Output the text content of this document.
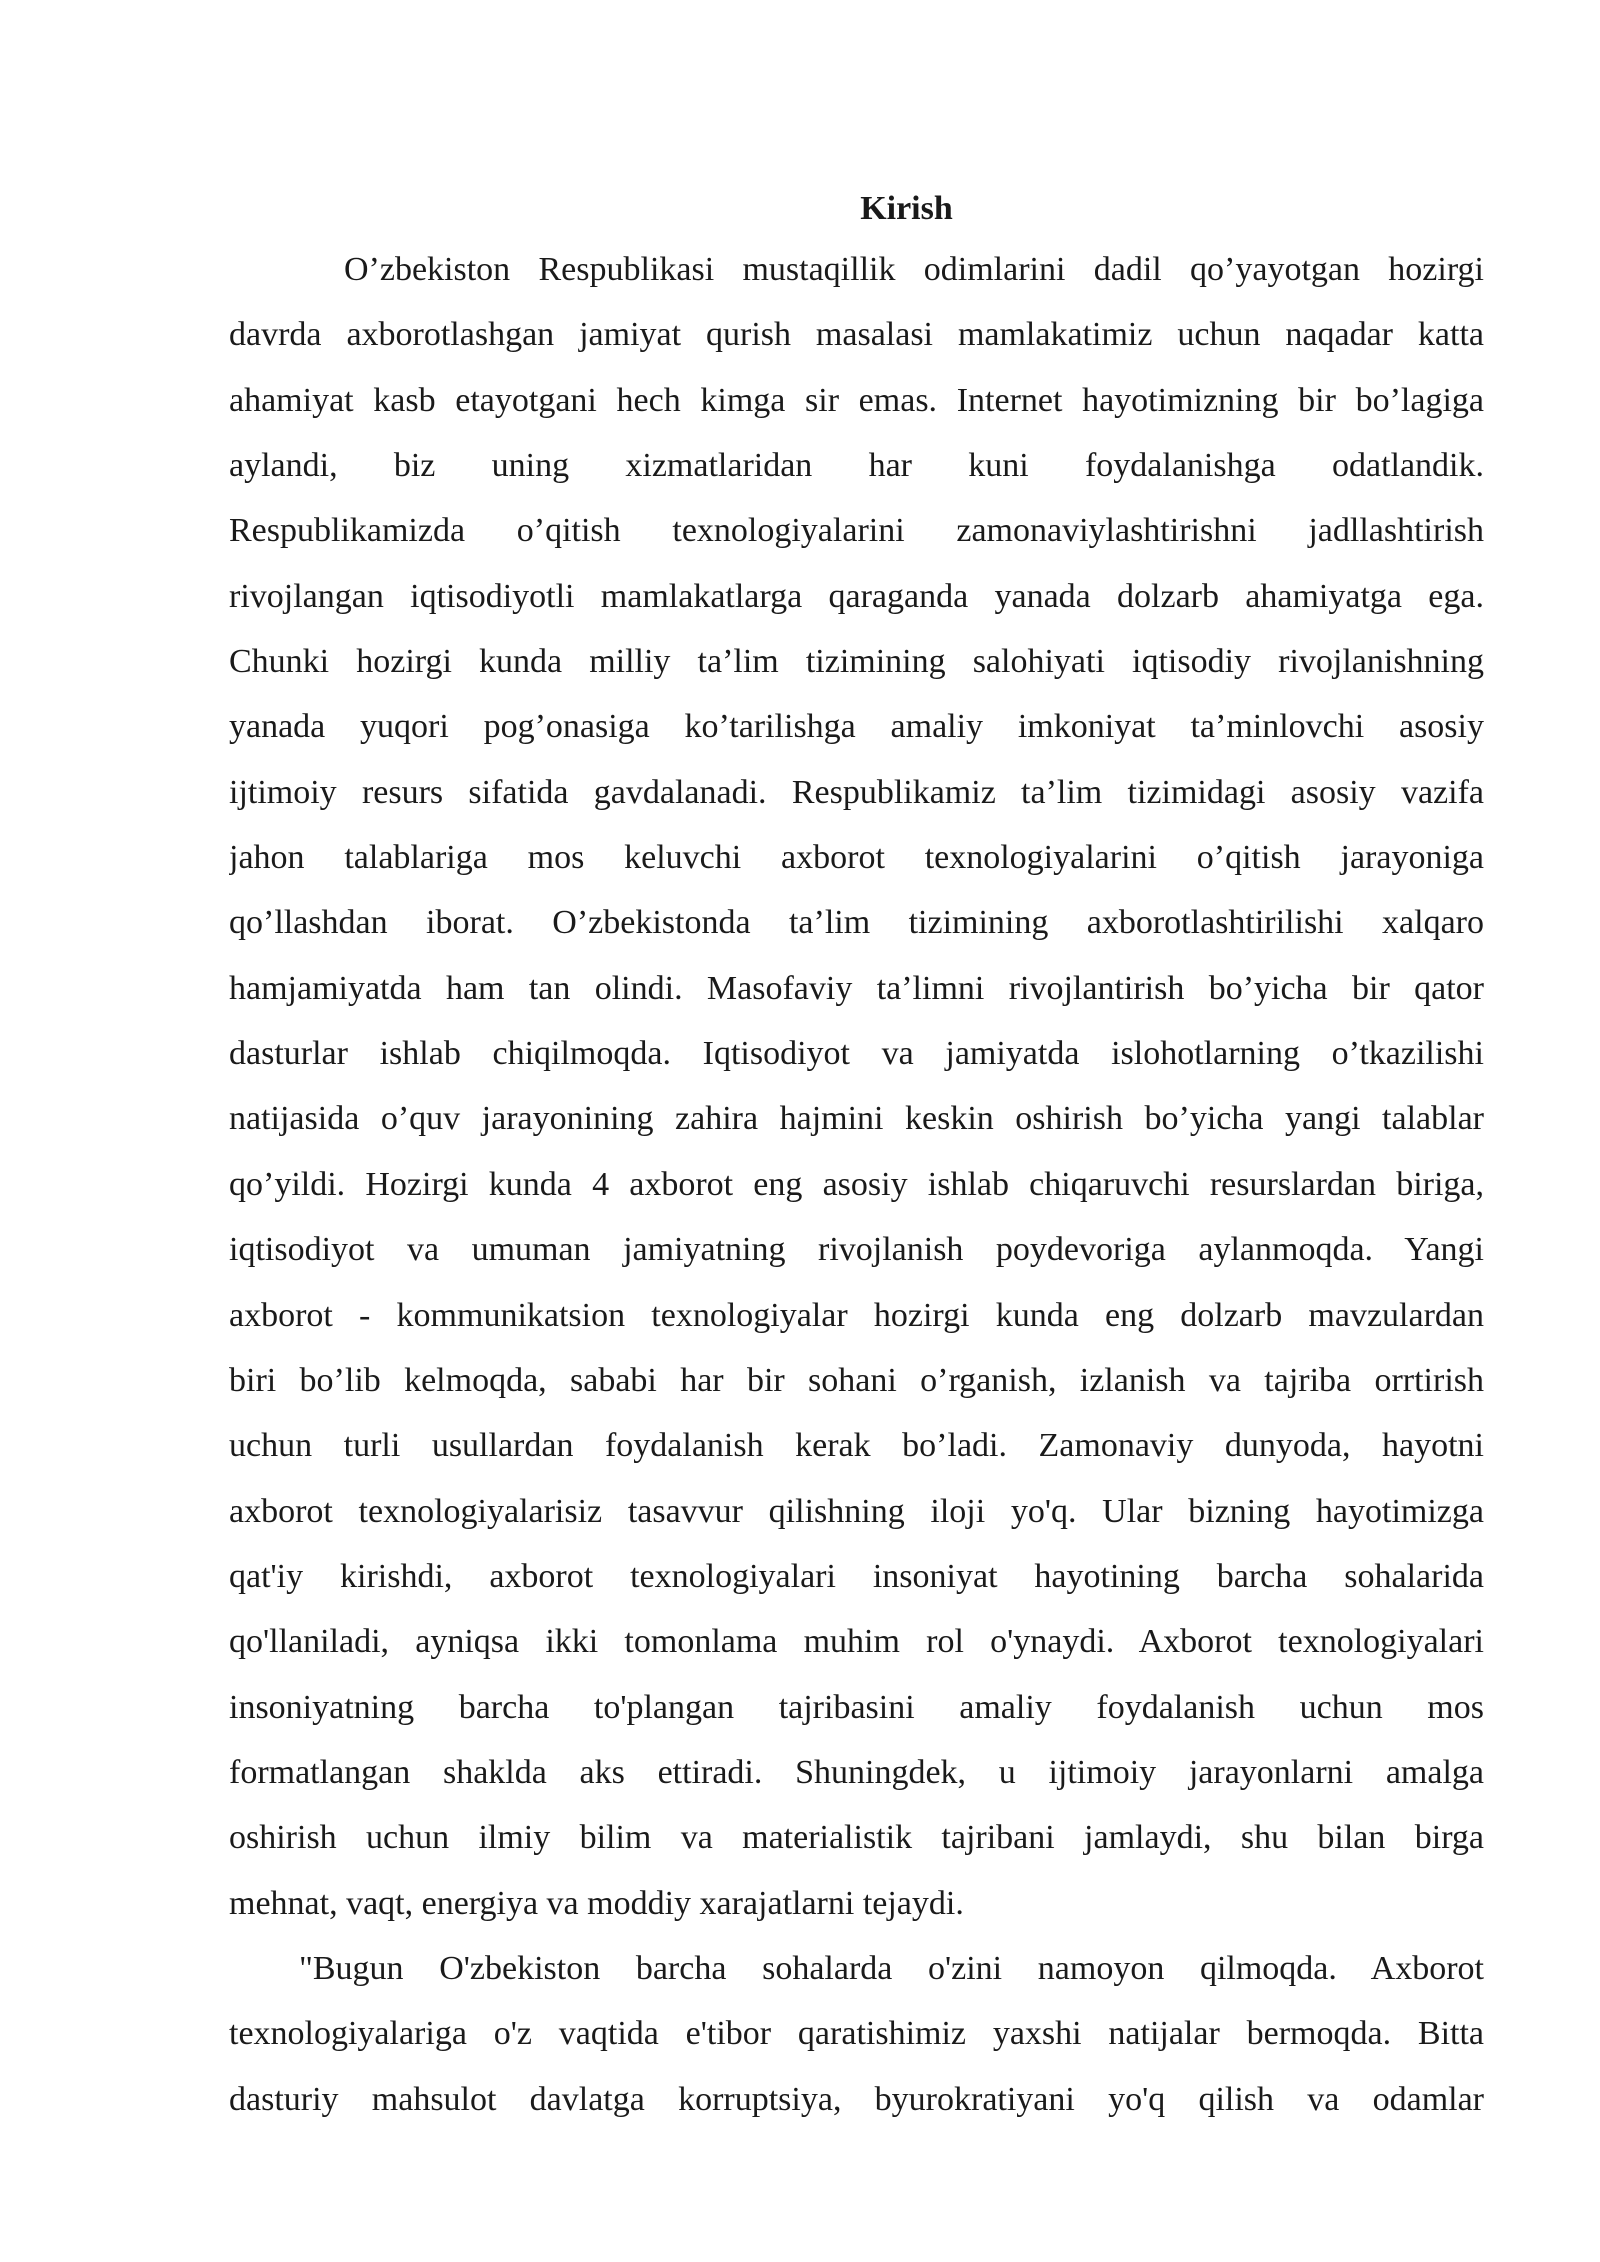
Kirish
O’zbekiston Respublikasi mustaqillik odimlarini dadil qo’yayotgan hozirgi
davrda axborotlashgan jamiyat qurish masalasi mamlakatimiz uchun naqadar katta
ahamiyat kasb etayotgani hech kimga sir emas. Internet hayotimizning bir bo’lagiga
aylandi, biz uning xizmatlaridan har kuni foydalanishga odatlandik.
Respublikamizda o’qitish texnologiyalarini zamonaviylashtirishni jadllashtirish
rivojlangan iqtisodiyotli mamlakatlarga qaraganda yanada dolzarb ahamiyatga ega.
Chunki hozirgi kunda milliy ta’lim tizimining salohiyati iqtisodiy rivojlanishning
yanada yuqori pog’onasiga ko’tarilishga amaliy imkoniyat ta’minlovchi asosiy
ijtimoiy resurs sifatida gavdalanadi. Respublikamiz ta’lim tizimidagi asosiy vazifa
jahon talablariga mos keluvchi axborot texnologiyalarini o’qitish jarayoniga
qo’llashdan iborat. O’zbekistonda ta’lim tizimining axborotlashtirilishi xalqaro
hamjamiyatda ham tan olindi. Masofaviy ta’limni rivojlantirish bo’yicha bir qator
dasturlar ishlab chiqilmoqda. Iqtisodiyot va jamiyatda islohotlarning o’tkazilishi
natijasida o’quv jarayonining zahira hajmini keskin oshirish bo’yicha yangi talablar
qo’yildi. Hozirgi kunda 4 axborot eng asosiy ishlab chiqaruvchi resurslardan biriga,
iqtisodiyot va umuman jamiyatning rivojlanish poydevoriga aylanmoqda. Yangi
axborot - kommunikatsion texnologiyalar hozirgi kunda eng dolzarb mavzulardan
biri bo’lib kelmoqda, sababi har bir sohani o’rganish, izlanish va tajriba orrtirish
uchun turli usullardan foydalanish kerak bo’ladi. Zamonaviy dunyoda, hayotni
axborot texnologiyalarisiz tasavvur qilishning iloji yo'q. Ular bizning hayotimizga
qat'iy kirishdi, axborot texnologiyalari insoniyat hayotining barcha sohalarida
qo'llaniladi, ayniqsa ikki tomonlama muhim rol o'ynaydi. Axborot texnologiyalari
insoniyatning barcha to'plangan tajribasini amaliy foydalanish uchun mos
formatlangan shaklda aks ettiradi. Shuningdek, u ijtimoiy jarayonlarni amalga
oshirish uchun ilmiy bilim va materialistik tajribani jamlaydi, shu bilan birga
mehnat, vaqt, energiya va moddiy xarajatlarni tejaydi.
"Bugun O'zbekiston barcha sohalarda o'zini namoyon qilmoqda. Axborot
texnologiyalariga o'z vaqtida e'tibor qaratishimiz yaxshi natijalar bermoqda. Bitta
dasturiy mahsulot davlatga korruptsiya, byurokratiyani yo'q qilish va odamlar
